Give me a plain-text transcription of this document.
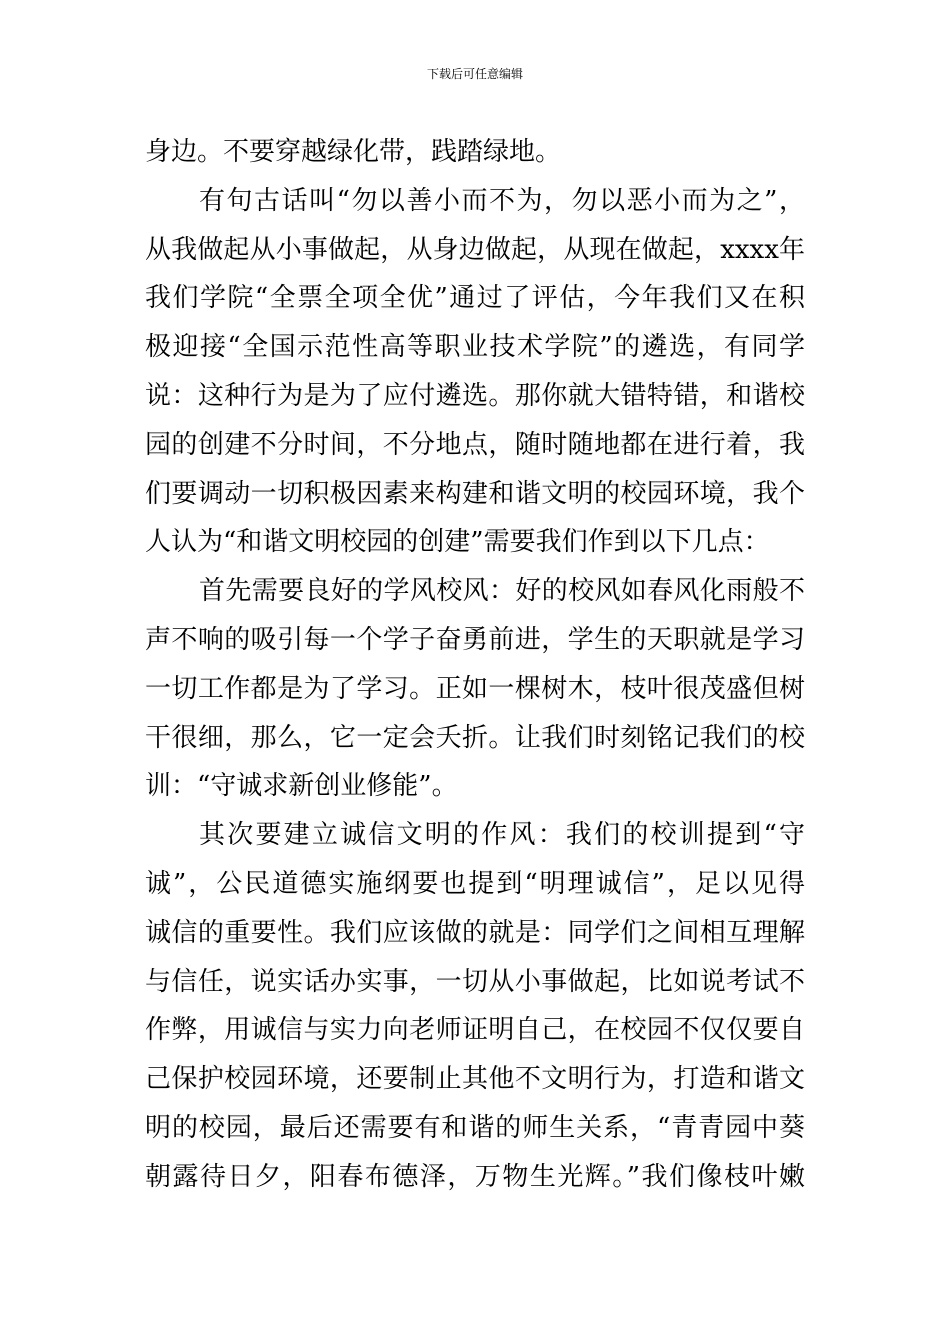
下载后可任意编辑
身边。不要穿越绿化带，践踏绿地。
有句古话叫“勿以善小而不为，勿以恶小而为之”，
从我做起从小事做起，从身边做起，从现在做起，xxxx年
我们学院“全票全项全优”通过了评估，今年我们又在积
极迎接“全国示范性高等职业技术学院”的遴选，有同学
说：这种行为是为了应付遴选。那你就大错特错，和谐校
园的创建不分时间，不分地点，随时随地都在进行着，我
们要调动一切积极因素来构建和谐文明的校园环境，我个
人认为“和谐文明校园的创建”需要我们作到以下几点：
首先需要良好的学风校风：好的校风如春风化雨般不
声不响的吸引每一个学子奋勇前进，学生的天职就是学习
一切工作都是为了学习。正如一棵树木，枝叶很茂盛但树
干很细，那么，它一定会夭折。让我们时刻铭记我们的校
训：“守诚求新创业修能”。
其次要建立诚信文明的作风：我们的校训提到“守
诚”，公民道德实施纲要也提到“明理诚信”，足以见得
诚信的重要性。我们应该做的就是：同学们之间相互理解
与信任，说实话办实事，一切从小事做起，比如说考试不
作弊，用诚信与实力向老师证明自己，在校园不仅仅要自
己保护校园环境，还要制止其他不文明行为，打造和谐文
明的校园，最后还需要有和谐的师生关系，“青青园中葵
朝露待日夕，阳春布德泽，万物生光辉。”我们像枝叶嫩
